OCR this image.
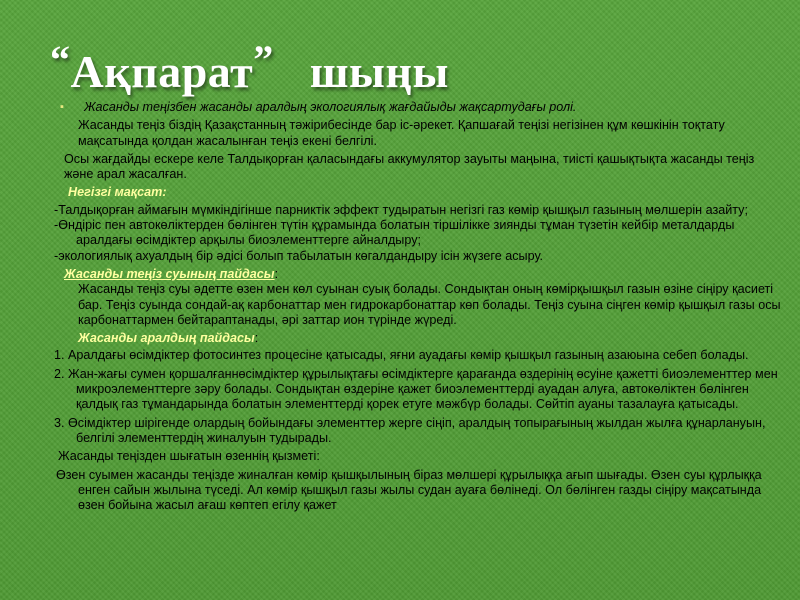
“Ақпарат” шыңы
▪ Жасанды теңізбен жасанды аралдың экологиялық жағдайыды жақсартудағы ролі.
Жасанды теңіз біздің Қазақстанның тәжірибесінде бар іс-әрекет. Қапшағай теңізі негізінен құм көшкінін тоқтату мақсатында қолдан жасалынған теңіз екені белгілі.
Осы жағдайды ескере келе Талдықорған қаласындағы аккумулятор зауыты маңына, тиісті қашықтықта жасанды теңіз және арал жасалған.
Негізгі мақсат:
-Талдықорған аймағын мүмкіндігінше парниктік эффект тудыратын негізгі газ көмір қышқыл газының мөлшерін азайту;
-Өндіріс пен автокөліктерден бөлінген түтін құрамында болатын тіршілікке зиянды тұман түзетін кейбір металдарды аралдағы өсімдіктер арқылы биоэлементтерге айналдыру;
-экологиялық ахуалдың бір әдісі болып табылатын көгалдандыру ісін жүзеге асыру.
Жасанды теңіз суының пайдасы:
Жасанды теңіз суы әдетте өзен мен көл суынан суық болады. Сондықтан оның көмірқышқыл газын өзіне сіңіру қасиеті бар. Теңіз суында сондай-ақ карбонаттар мен гидрокарбонаттар көп болады. Теңіз суына сіңген көмір қышқыл газы осы карбонаттармен бейтараптанады, әрі заттар ион түрінде жүреді.
Жасанды аралдың пайдасы:
1. Аралдағы өсімдіктер фотосинтез процесіне қатысады, яғни ауадағы көмір қышқыл газының азаюына себеп болады.
2. Жан-жағы сумен қоршалғаннөсімдіктер құрылықтағы өсімдіктерге қарағанда өздерінің өсуіне қажетті биоэлементтер мен микроэлементтерге зәру болады. Сондықтан өздеріне қажет биоэлементтерді ауадан алуға, автокөліктен бөлінген қалдық газ тұмандарында болатын элементтерді қорек етуге мәжбүр болады. Сөйтіп ауаны тазалауға қатысады.
3. Өсімдіктер шірігенде олардың бойындағы элементтер жерге сіңіп, аралдың топырағының жылдан жылға құнарлануын, белгілі элементтердің жиналуын тудырады.
Жасанды теңізден шығатын өзеннің қызметі:
Өзен суымен жасанды теңізде жиналған көмір қышқылының біраз мөлшері құрылыққа ағып шығады. Өзен суы құрлыққа енген сайын жылына түседі. Ал көмір қышқыл газы жылы судан ауаға бөлінеді. Ол бөлінген газды сіңіру мақсатында өзен бойына жасыл ағаш көптеп егілу қажет
